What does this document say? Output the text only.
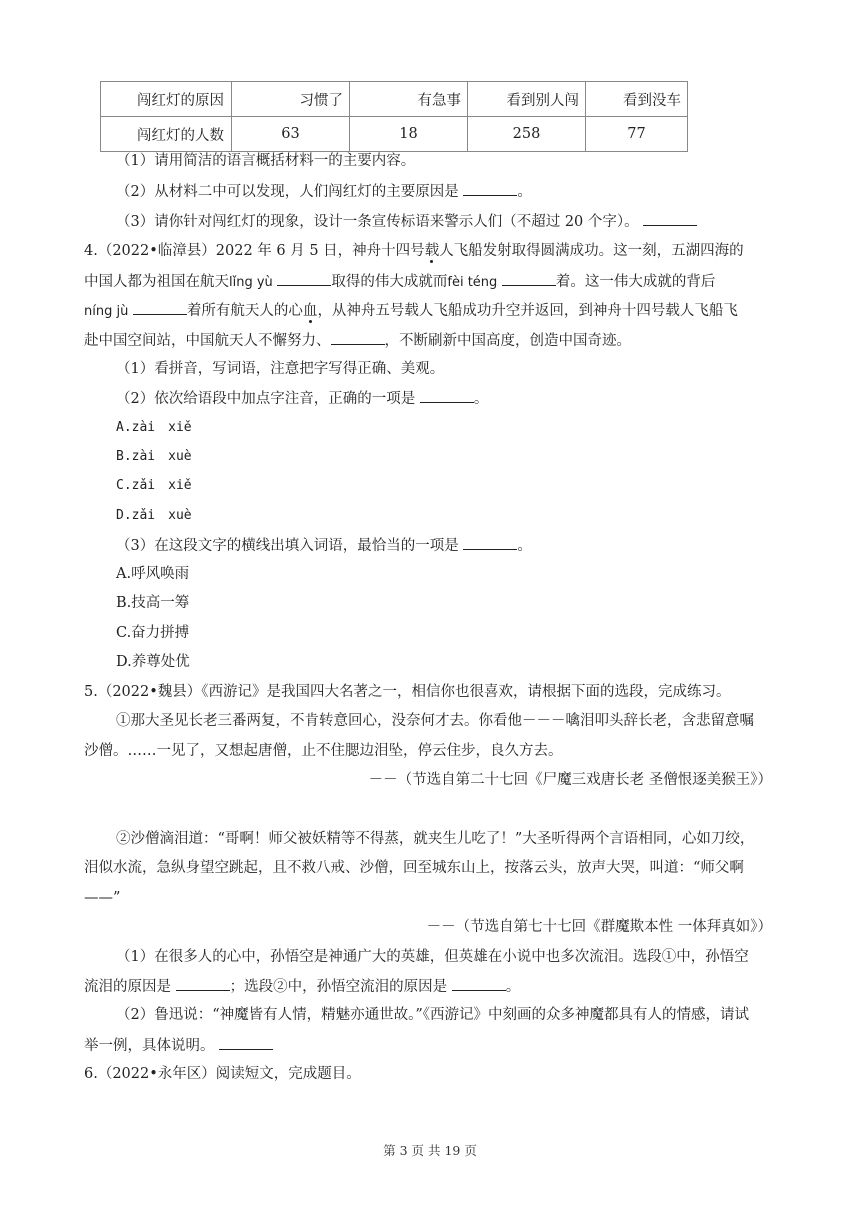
闯红灯的原因	习惯了	有急事	看到别人闯	看到没车
闯红灯的人数	63	18	258	77
（1）请用简洁的语言概括材料一的主要内容。
（2）从材料二中可以发现，人们闯红灯的主要原因是	。
（3）请你针对闯红灯的现象，设计一条宣传标语来警示人们（不超过 20 个字）。
4.（2022•临漳县）2022 年 6 月 5 日，神舟十四号载人飞船发射取得圆满成功。这一刻，五湖四海的
中国人都为祖国在航天lǐng yù	取得的伟大成就而fèi téng	着。这一伟大成就的背后
níng jù	着所有航天人的心血，从神舟五号载人飞船成功升空并返回，到神舟十四号载人飞船飞
赴中国空间站，中国航天人不懈努力、	，不断刷新中国高度，创造中国奇迹。
（1）看拼音，写词语，注意把字写得正确、美观。
（2）依次给语段中加点字注音，正确的一项是	。
A.zài　xiě
B.zài　xuè
C.zǎi　xiě
D.zǎi　xuè
（3）在这段文字的横线出填入词语，最恰当的一项是	。
A.呼风唤雨
B.技高一筹
C.奋力拼搏
D.养尊处优
5.（2022•魏县）《西游记》是我国四大名著之一，相信你也很喜欢，请根据下面的选段，完成练习。
①那大圣见长老三番两复，不肯转意回心，没奈何才去。你看他－－－噙泪叩头辞长老，含悲留意嘱
沙僧。……一见了，又想起唐僧，止不住腮边泪坠，停云住步，良久方去。
－－（节选自第二十七回《尸魔三戏唐长老 圣僧恨逐美猴王》）
②沙僧滴泪道：“哥啊！师父被妖精等不得蒸，就夹生儿吃了！”大圣听得两个言语相同，心如刀绞，
泪似水流，急纵身望空跳起，且不救八戒、沙僧，回至城东山上，按落云头，放声大哭，叫道：“师父啊
——”
－－（节选自第七十七回《群魔欺本性 一体拜真如》）
（1）在很多人的心中，孙悟空是神通广大的英雄，但英雄在小说中也多次流泪。选段①中，孙悟空
流泪的原因是	；选段②中，孙悟空流泪的原因是	。
（2）鲁迅说：“神魔皆有人情，精魅亦通世故。”《西游记》中刻画的众多神魔都具有人的情感，请试
举一例，具体说明。
6.（2022•永年区）阅读短文，完成题目。
第 3 页 共 19 页
